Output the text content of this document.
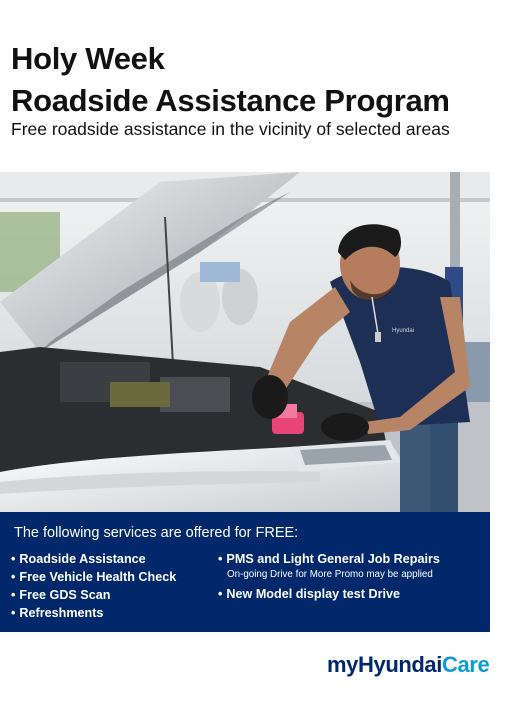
Holy Week
Roadside Assistance Program
Free roadside assistance in the vicinity of selected areas
Hyundai
The following services are offered for FREE:
• Roadside Assistance
• Free Vehicle Health Check
• Free GDS Scan
• Refreshments
• PMS and Light General Job Repairs
On-going Drive for More Promo may be applied
• New Model display test Drive
myHyundaiCare
